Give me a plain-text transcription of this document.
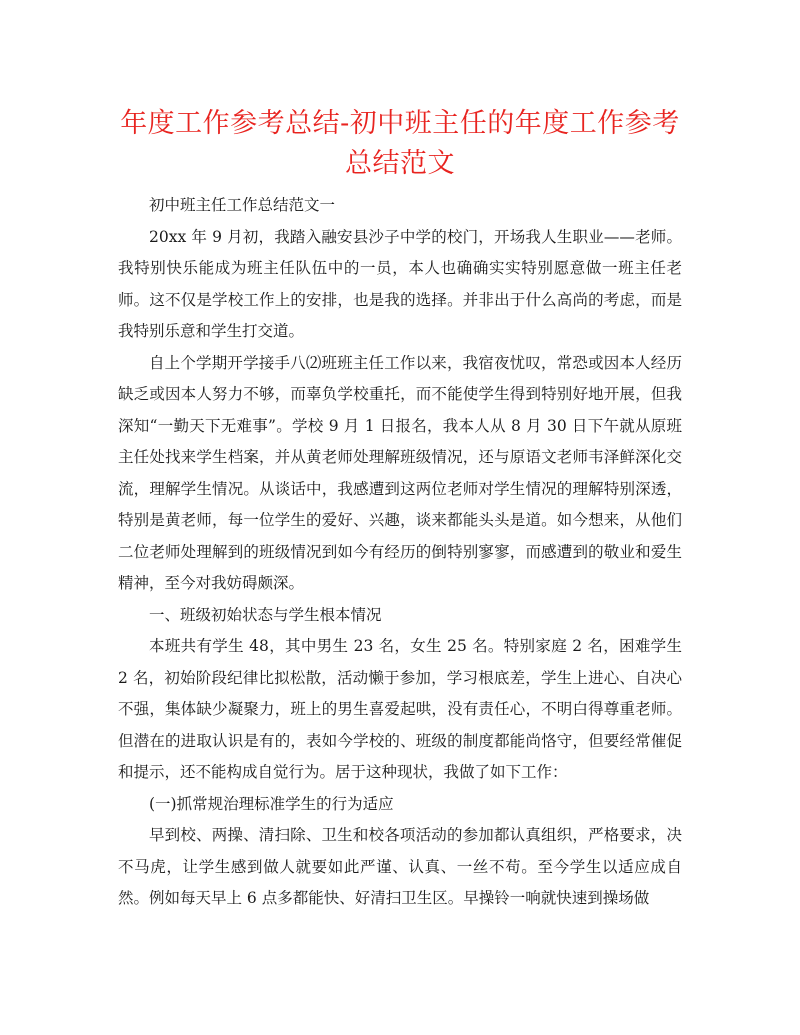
年度工作参考总结-初中班主任的年度工作参考
总结范文

初中班主任工作总结范文一

20xx 年 9 月初，我踏入融安县沙子中学的校门，开场我人生职业——老师。我特别快乐能成为班主任队伍中的一员，本人也确确实实特别愿意做一班主任老师。这不仅是学校工作上的安排，也是我的选择。并非出于什么高尚的考虑，而是我特别乐意和学生打交道。

自上个学期开学接手八⑵班班主任工作以来，我宿夜忧叹，常恐或因本人经历缺乏或因本人努力不够，而辜负学校重托，而不能使学生得到特别好地开展，但我深知“一勤天下无难事”。学校 9 月 1 日报名，我本人从 8 月 30 日下午就从原班主任处找来学生档案，并从黄老师处理解班级情况，还与原语文老师韦泽鲜深化交流，理解学生情况。从谈话中，我感遭到这两位老师对学生情况的理解特别深透，特别是黄老师，每一位学生的爱好、兴趣，谈来都能头头是道。如今想来，从他们二位老师处理解到的班级情况到如今有经历的倒特别寥寥，而感遭到的敬业和爱生精神，至今对我妨碍颇深。

一、班级初始状态与学生根本情况

本班共有学生 48，其中男生 23 名，女生 25 名。特别家庭 2 名，困难学生 2 名，初始阶段纪律比拟松散，活动懒于参加，学习根底差，学生上进心、自决心不强，集体缺少凝聚力，班上的男生喜爱起哄，没有责任心，不明白得尊重老师。但潜在的进取认识是有的，表如今学校的、班级的制度都能尚恪守，但要经常催促和提示，还不能构成自觉行为。居于这种现状，我做了如下工作：

(一)抓常规治理标准学生的行为适应

早到校、两操、清扫除、卫生和校各项活动的参加都认真组织，严格要求，决不马虎，让学生感到做人就要如此严谨、认真、一丝不苟。至今学生以适应成自然。例如每天早上 6 点多都能快、好清扫卫生区。早操铃一响就快速到操场做
